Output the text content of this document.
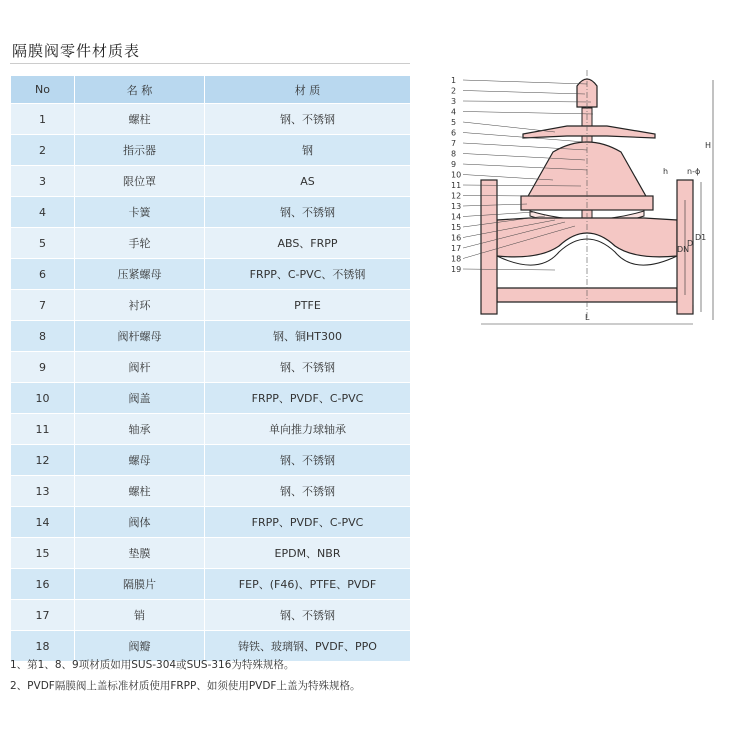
隔膜阀零件材质表
No	名 称	材 质
1	螺柱	钢、不锈钢
2	指示器	钢
3	限位罩	AS
4	卡簧	钢、不锈钢
5	手轮	ABS、FRPP
6	压紧螺母	FRPP、C-PVC、不锈钢
7	衬环	PTFE
8	阀杆螺母	钢、铜HT300
9	阀杆	钢、不锈钢
10	阀盖	FRPP、PVDF、C-PVC
11	轴承	单向推力球轴承
12	螺母	钢、不锈钢
13	螺柱	钢、不锈钢
14	阀体	FRPP、PVDF、C-PVC
15	垫膜	EPDM、NBR
16	隔膜片	FEP、(F46)、PTFE、PVDF
17	销	钢、不锈钢
18	阀瓣	铸铁、玻璃钢、PVDF、PPO
1、第1、8、9项材质如用SUS-304或SUS-316为特殊规格。
2、PVDF隔膜阀上盖标准材质使用FRPP、如须使用PVDF上盖为特殊规格。
H
h n-ϕ
DN
D
D1
L
1
2
3
4
5
6
7
8
9
10
11
12
13
14
15
16
17
18
19
